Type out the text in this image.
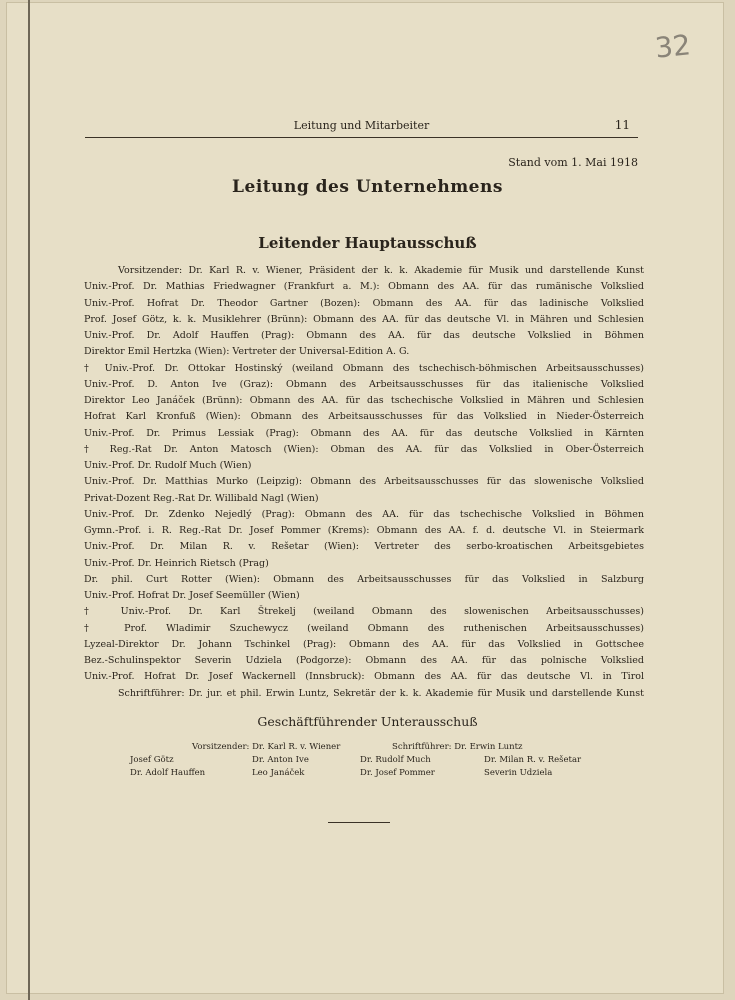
32
Leitung und Mitarbeiter	11
Stand vom 1. Mai 1918
Leitung des Unternehmens
Leitender Hauptausschuß
Vorsitzender: Dr. Karl R. v. Wiener, Präsident der k. k. Akademie für Musik und darstellende Kunst
Univ.-Prof. Dr. Mathias Friedwagner (Frankfurt a. M.): Obmann des AA. für das rumänische Volkslied
Univ.-Prof. Hofrat Dr. Theodor Gartner (Bozen): Obmann des AA. für das ladinische Volkslied
Prof. Josef Götz, k. k. Musiklehrer (Brünn): Obmann des AA. für das deutsche Vl. in Mähren und Schlesien
Univ.-Prof. Dr. Adolf Hauffen (Prag): Obmann des AA. für das deutsche Volkslied in Böhmen
Direktor Emil Hertzka (Wien): Vertreter der Universal-Edition A. G.
† Univ.-Prof. Dr. Ottokar Hostinský (weiland Obmann des tschechisch-böhmischen Arbeitsausschusses)
Univ.-Prof. D. Anton Ive (Graz): Obmann des Arbeitsausschusses für das italienische Volkslied
Direktor Leo Janáček (Brünn): Obmann des AA. für das tschechische Volkslied in Mähren und Schlesien
Hofrat Karl Kronfuß (Wien): Obmann des Arbeitsausschusses für das Volkslied in Nieder-Österreich
Univ.-Prof. Dr. Primus Lessiak (Prag): Obmann des AA. für das deutsche Volkslied in Kärnten
† Reg.-Rat Dr. Anton Matosch (Wien): Obman des AA. für das Volkslied in Ober-Österreich
Univ.-Prof. Dr. Rudolf Much (Wien)
Univ.-Prof. Dr. Matthias Murko (Leipzig): Obmann des Arbeitsausschusses für das slowenische Volkslied
Privat-Dozent Reg.-Rat Dr. Willibald Nagl (Wien)
Univ.-Prof. Dr. Zdenko Nejedlý (Prag): Obmann des AA. für das tschechische Volkslied in Böhmen
Gymn.-Prof. i. R. Reg.-Rat Dr. Josef Pommer (Krems): Obmann des AA. f. d. deutsche Vl. in Steiermark
Univ.-Prof. Dr. Milan R. v. Rešetar (Wien): Vertreter des serbo-kroatischen Arbeitsgebietes
Univ.-Prof. Dr. Heinrich Rietsch (Prag)
Dr. phil. Curt Rotter (Wien): Obmann des Arbeitsausschusses für das Volkslied in Salzburg
Univ.-Prof. Hofrat Dr. Josef Seemüller (Wien)
† Univ.-Prof. Dr. Karl Štrekelj (weiland Obmann des slowenischen Arbeitsausschusses)
† Prof. Wladimir Szuchewycz (weiland Obmann des ruthenischen Arbeitsausschusses)
Lyzeal-Direktor Dr. Johann Tschinkel (Prag): Obmann des AA. für das Volkslied in Gottschee
Bez.-Schulinspektor Severin Udziela (Podgorze): Obmann des AA. für das polnische Volkslied
Univ.-Prof. Hofrat Dr. Josef Wackernell (Innsbruck): Obmann des AA. für das deutsche Vl. in Tirol
Schriftführer: Dr. jur. et phil. Erwin Luntz, Sekretär der k. k. Akademie für Musik und darstellende Kunst
Geschäftführender Unterausschuß
Vorsitzender: Dr. Karl R. v. Wiener	Schriftführer: Dr. Erwin Luntz
Josef Götz	Dr. Anton Ive	Dr. Rudolf Much	Dr. Milan R. v. Rešetar
Dr. Adolf Hauffen	Leo Janáček	Dr. Josef Pommer	Severin Udziela
